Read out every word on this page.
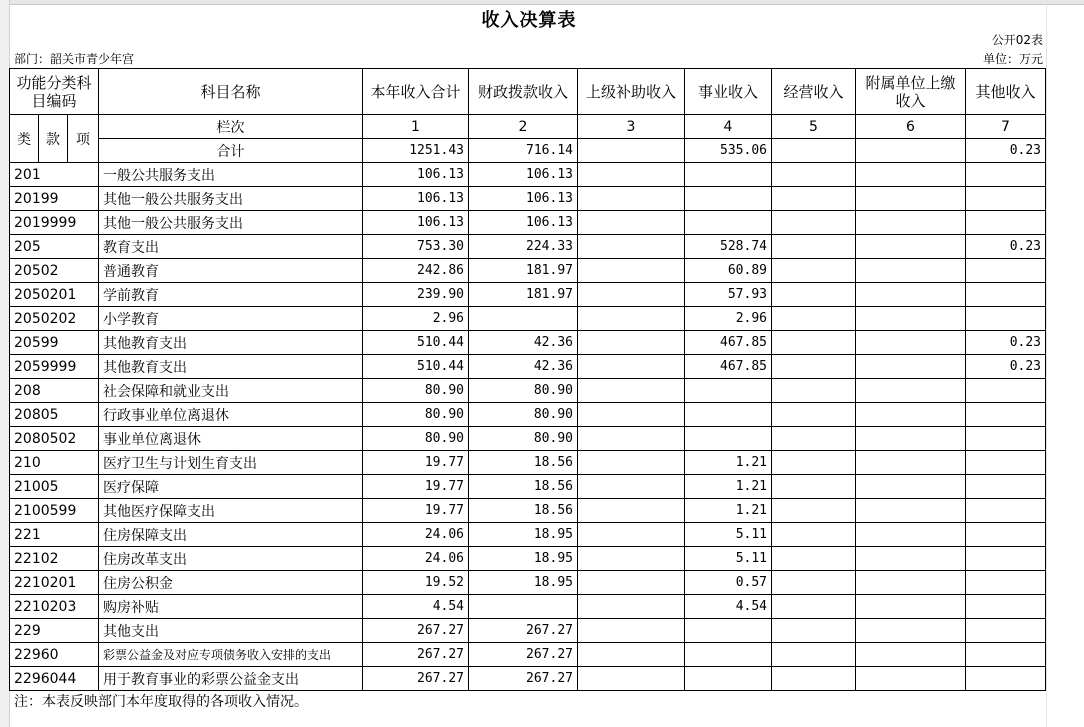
收入决算表
公开02表
部门：韶关市青少年宫	单位：万元
功能分类科目编码			科目名称	本年收入合计	财政拨款收入	上级补助收入	事业收入	经营收入	附属单位上缴收入	其他收入
类	款	项	栏次	1	2	3	4	5	6	7
			合计	1251.43	716.14		535.06			0.23
201			一般公共服务支出	106.13	106.13					
20199			其他一般公共服务支出	106.13	106.13					
2019999			其他一般公共服务支出	106.13	106.13					
205			教育支出	753.30	224.33		528.74			0.23
20502			普通教育	242.86	181.97		60.89			
2050201			学前教育	239.90	181.97		57.93			
2050202			小学教育	2.96			2.96			
20599			其他教育支出	510.44	42.36		467.85			0.23
2059999			其他教育支出	510.44	42.36		467.85			0.23
208			社会保障和就业支出	80.90	80.90					
20805			行政事业单位离退休	80.90	80.90					
2080502			事业单位离退休	80.90	80.90					
210			医疗卫生与计划生育支出	19.77	18.56		1.21			
21005			医疗保障	19.77	18.56		1.21			
2100599			其他医疗保障支出	19.77	18.56		1.21			
221			住房保障支出	24.06	18.95		5.11			
22102			住房改革支出	24.06	18.95		5.11			
2210201			住房公积金	19.52	18.95		0.57			
2210203			购房补贴	4.54			4.54			
229			其他支出	267.27	267.27					
22960			彩票公益金及对应专项债务收入安排的支出	267.27	267.27					
2296044			用于教育事业的彩票公益金支出	267.27	267.27					
注：本表反映部门本年度取得的各项收入情况。
